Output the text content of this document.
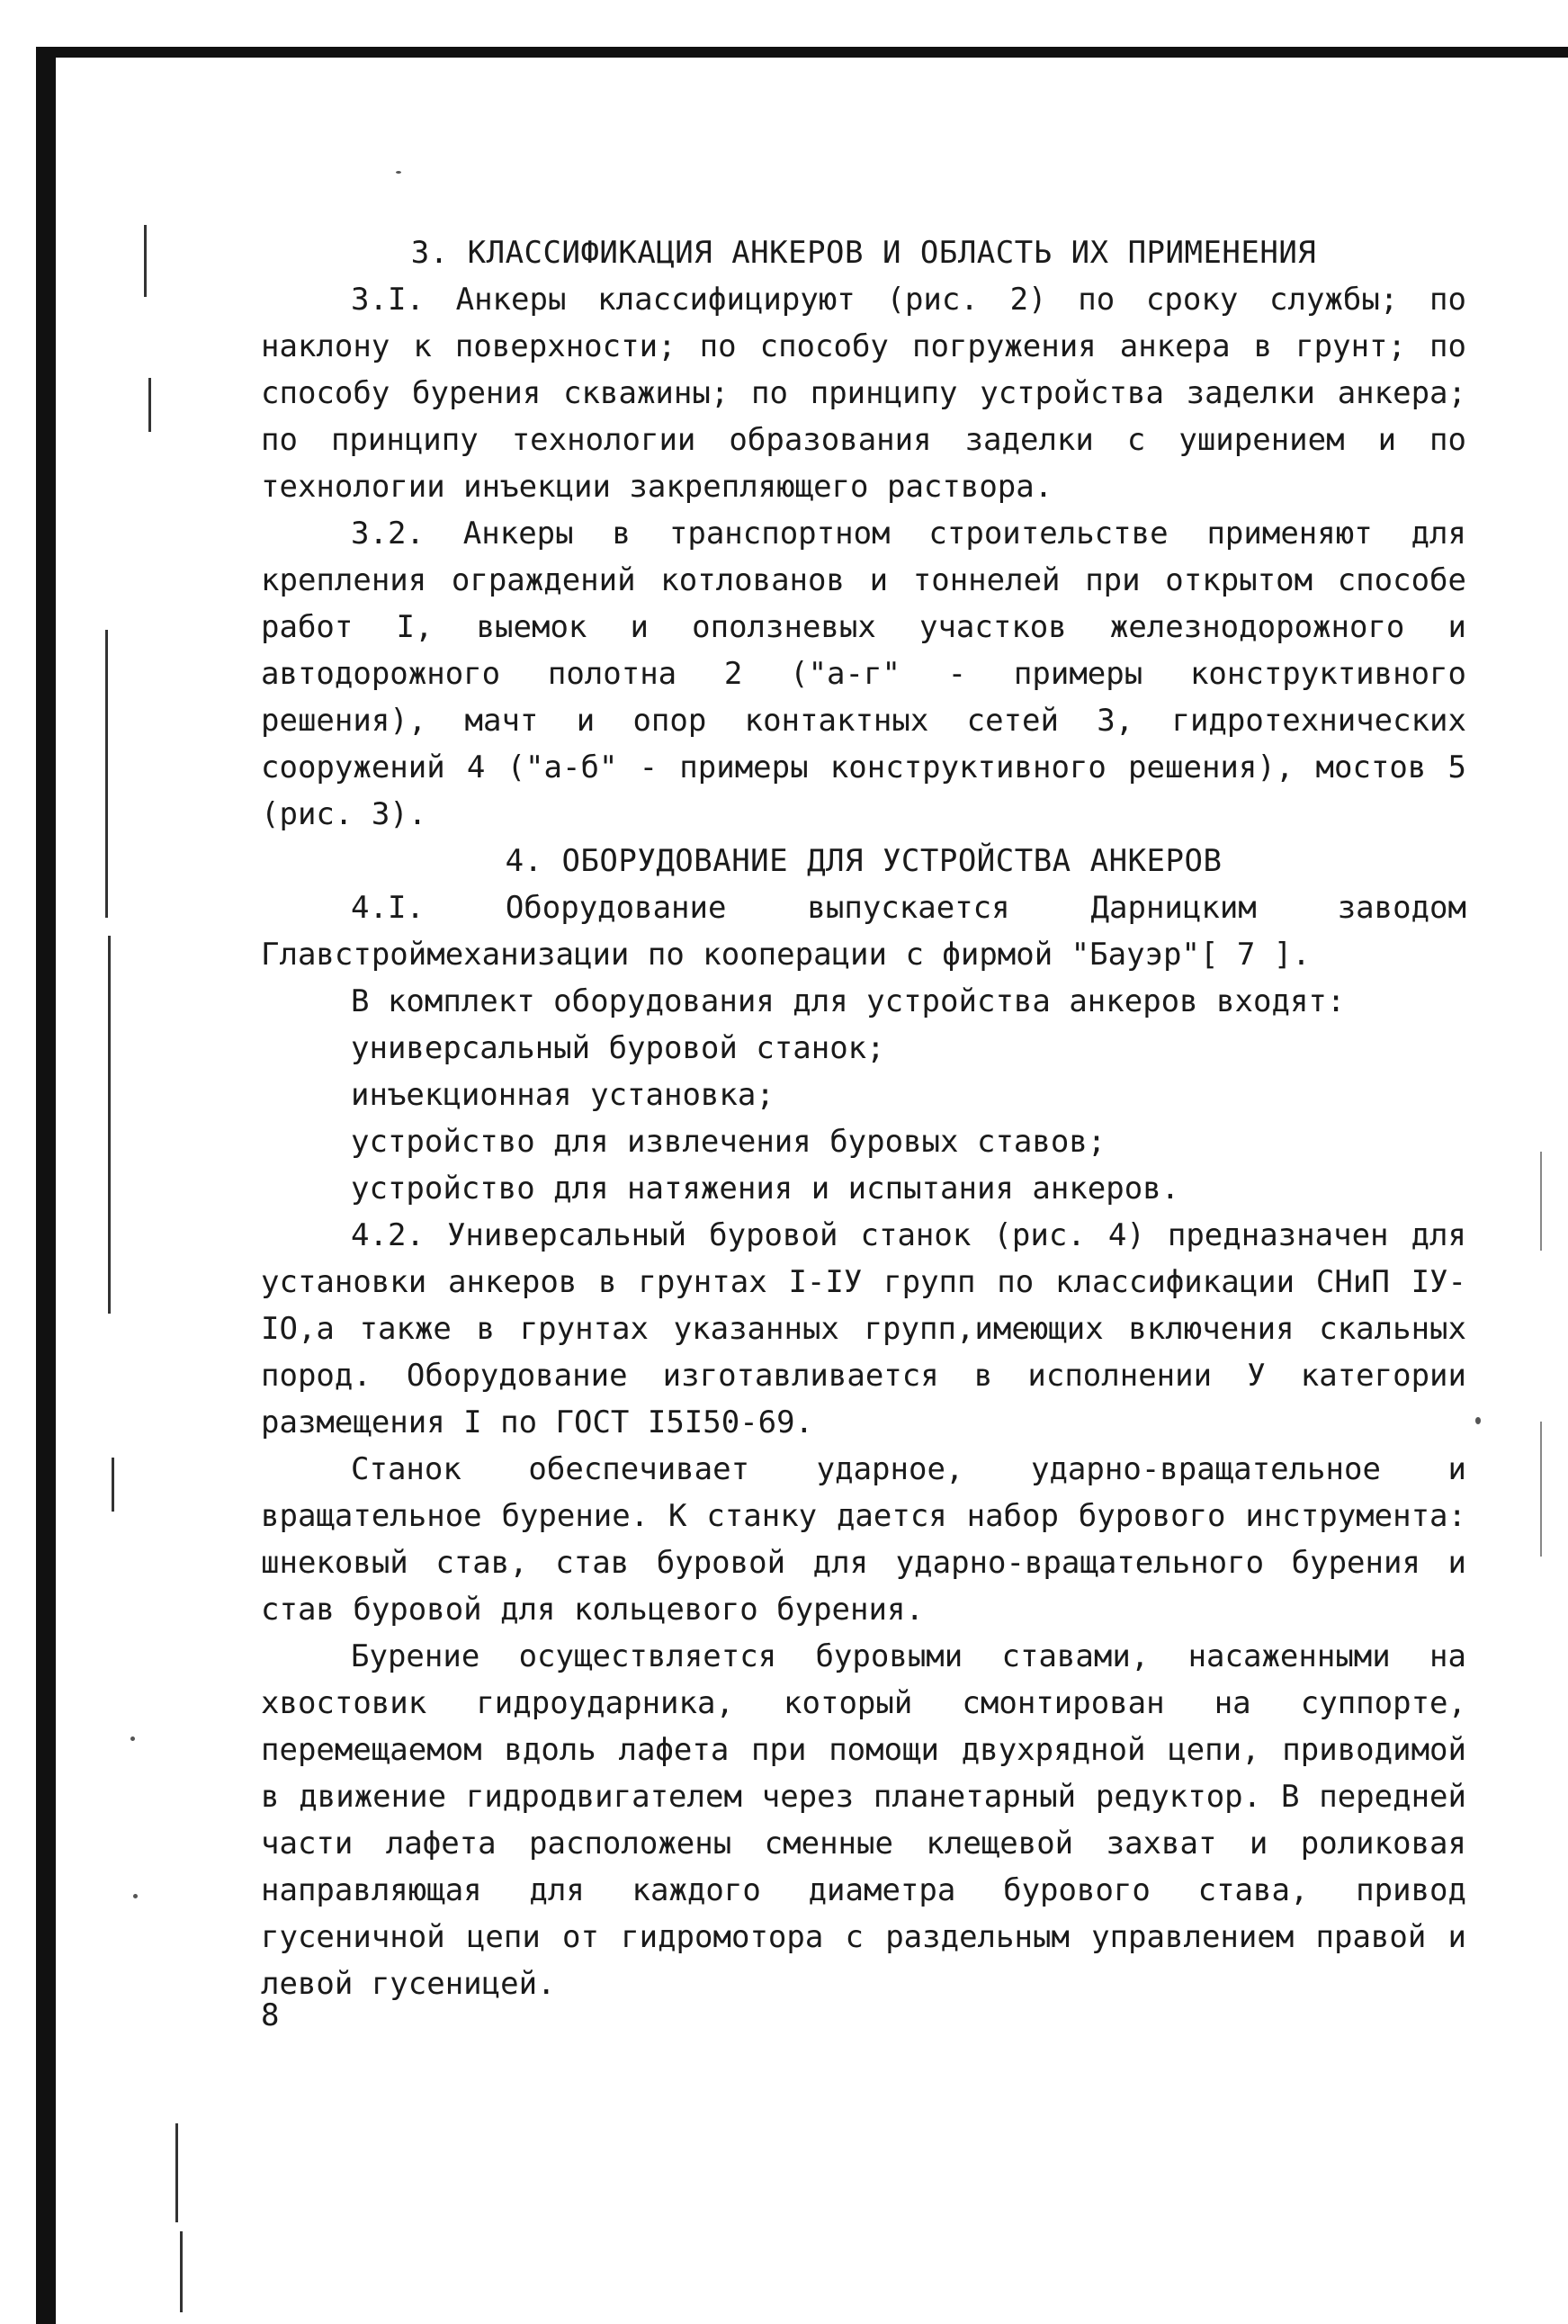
3. КЛАССИФИКАЦИЯ АНКЕРОВ И ОБЛАСТЬ ИХ ПРИМЕНЕНИЯ

3.I. Анкеры классифицируют (рис. 2) по сроку службы; по наклону к поверхности; по способу погружения анкера в грунт; по способу бурения скважины; по принципу устройства заделки анкера; по принципу технологии образования заделки с уширением и по технологии инъекции закрепляющего раствора.

3.2. Анкеры в транспортном строительстве применяют для крепления ограждений котлованов и тоннелей при открытом способе работ I, выемок и оползневых участков железнодорожного и автодорожного полотна 2 ("а-г" - примеры конструктивного решения), мачт и опор контактных сетей 3, гидротехнических сооружений 4 ("а-б" - примеры конструктивного решения), мостов 5 (рис. 3).

4. ОБОРУДОВАНИЕ ДЛЯ УСТРОЙСТВА АНКЕРОВ

4.I. Оборудование выпускается Дарницким заводом Главстроймеханизации по кооперации с фирмой "Бауэр"[ 7 ].

В комплект оборудования для устройства анкеров входят:

универсальный буровой станок;

инъекционная установка;

устройство для извлечения буровых ставов;

устройство для натяжения и испытания анкеров.

4.2. Универсальный буровой станок (рис. 4) предназначен для установки анкеров в грунтах I-IУ групп по классификации СНиП IУ-IO,а также в грунтах указанных групп,имеющих включения скальных пород. Оборудование изготавливается в исполнении У категории размещения I по ГОСТ I5I50-69.

Станок обеспечивает ударное, ударно-вращательное и вращательное бурение. К станку дается набор бурового инструмента: шнековый став, став буровой для ударно-вращательного бурения и став буровой для кольцевого бурения.

Бурение осуществляется буровыми ставами, насаженными на хвостовик гидроударника, который смонтирован на суппорте, перемещаемом вдоль лафета при помощи двухрядной цепи, приводимой в движение гидродвигателем через планетарный редуктор. В передней части лафета расположены сменные клещевой захват и роликовая направляющая для каждого диаметра бурового става, привод гусеничной цепи от гидромотора с раздельным управлением правой и левой гусеницей.

8
